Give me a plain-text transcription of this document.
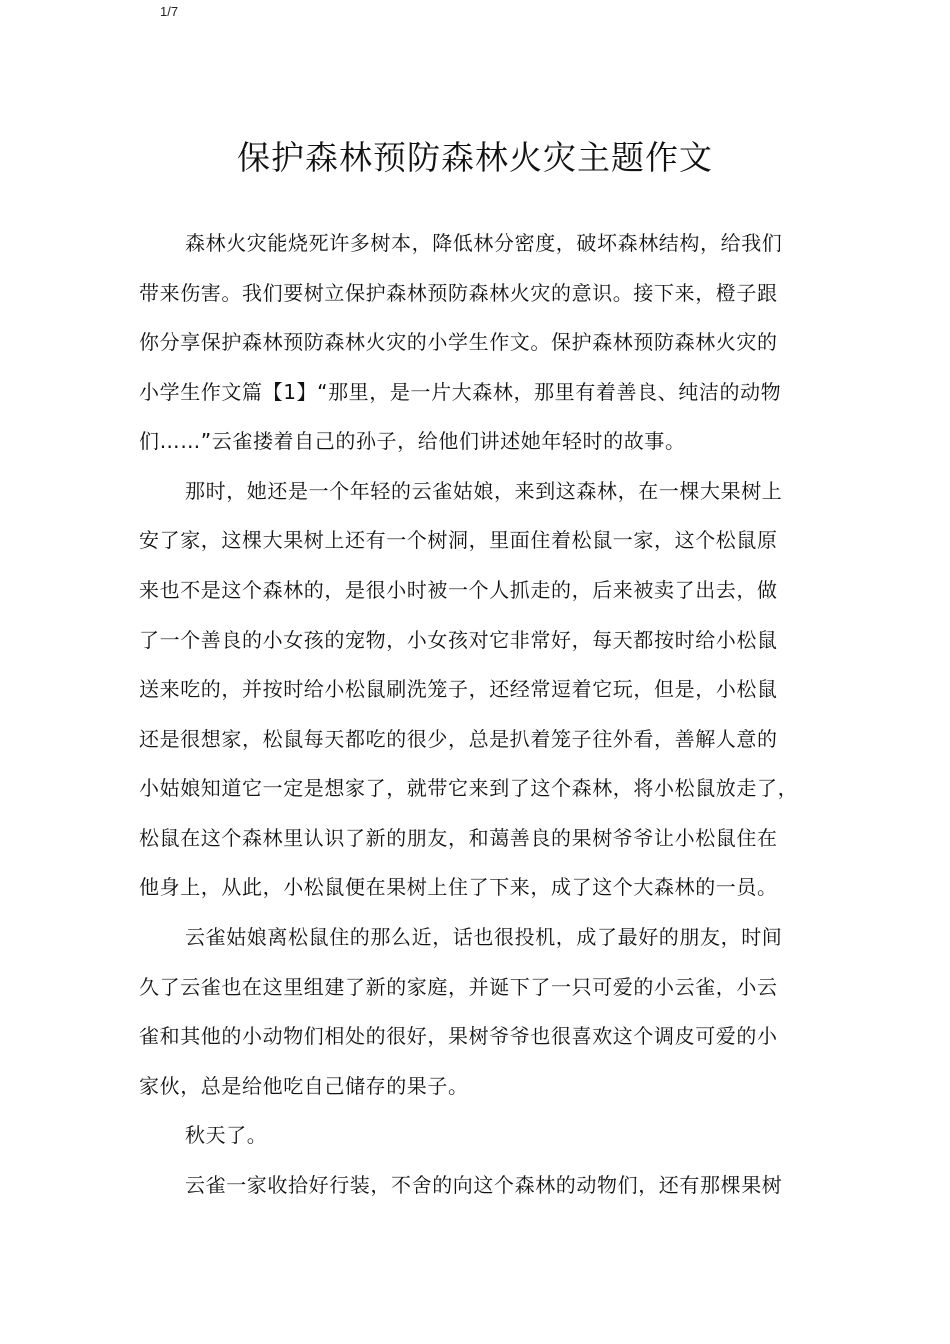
1/7
保护森林预防森林火灾主题作文
森林火灾能烧死许多树本，降低林分密度，破坏森林结构，给我们
带来伤害。我们要树立保护森林预防森林火灾的意识。接下来，橙子跟
你分享保护森林预防森林火灾的小学生作文。保护森林预防森林火灾的
小学生作文篇【1】“那里，是一片大森林，那里有着善良、纯洁的动物
们……”云雀搂着自己的孙子，给他们讲述她年轻时的故事。
那时，她还是一个年轻的云雀姑娘，来到这森林，在一棵大果树上
安了家，这棵大果树上还有一个树洞，里面住着松鼠一家，这个松鼠原
来也不是这个森林的，是很小时被一个人抓走的，后来被卖了出去，做
了一个善良的小女孩的宠物，小女孩对它非常好，每天都按时给小松鼠
送来吃的，并按时给小松鼠刷洗笼子，还经常逗着它玩，但是，小松鼠
还是很想家，松鼠每天都吃的很少，总是扒着笼子往外看，善解人意的
小姑娘知道它一定是想家了，就带它来到了这个森林，将小松鼠放走了，
松鼠在这个森林里认识了新的朋友，和蔼善良的果树爷爷让小松鼠住在
他身上，从此，小松鼠便在果树上住了下来，成了这个大森林的一员。
云雀姑娘离松鼠住的那么近，话也很投机，成了最好的朋友，时间
久了云雀也在这里组建了新的家庭，并诞下了一只可爱的小云雀，小云
雀和其他的小动物们相处的很好，果树爷爷也很喜欢这个调皮可爱的小
家伙，总是给他吃自己储存的果子。
秋天了。
云雀一家收拾好行装，不舍的向这个森林的动物们，还有那棵果树
